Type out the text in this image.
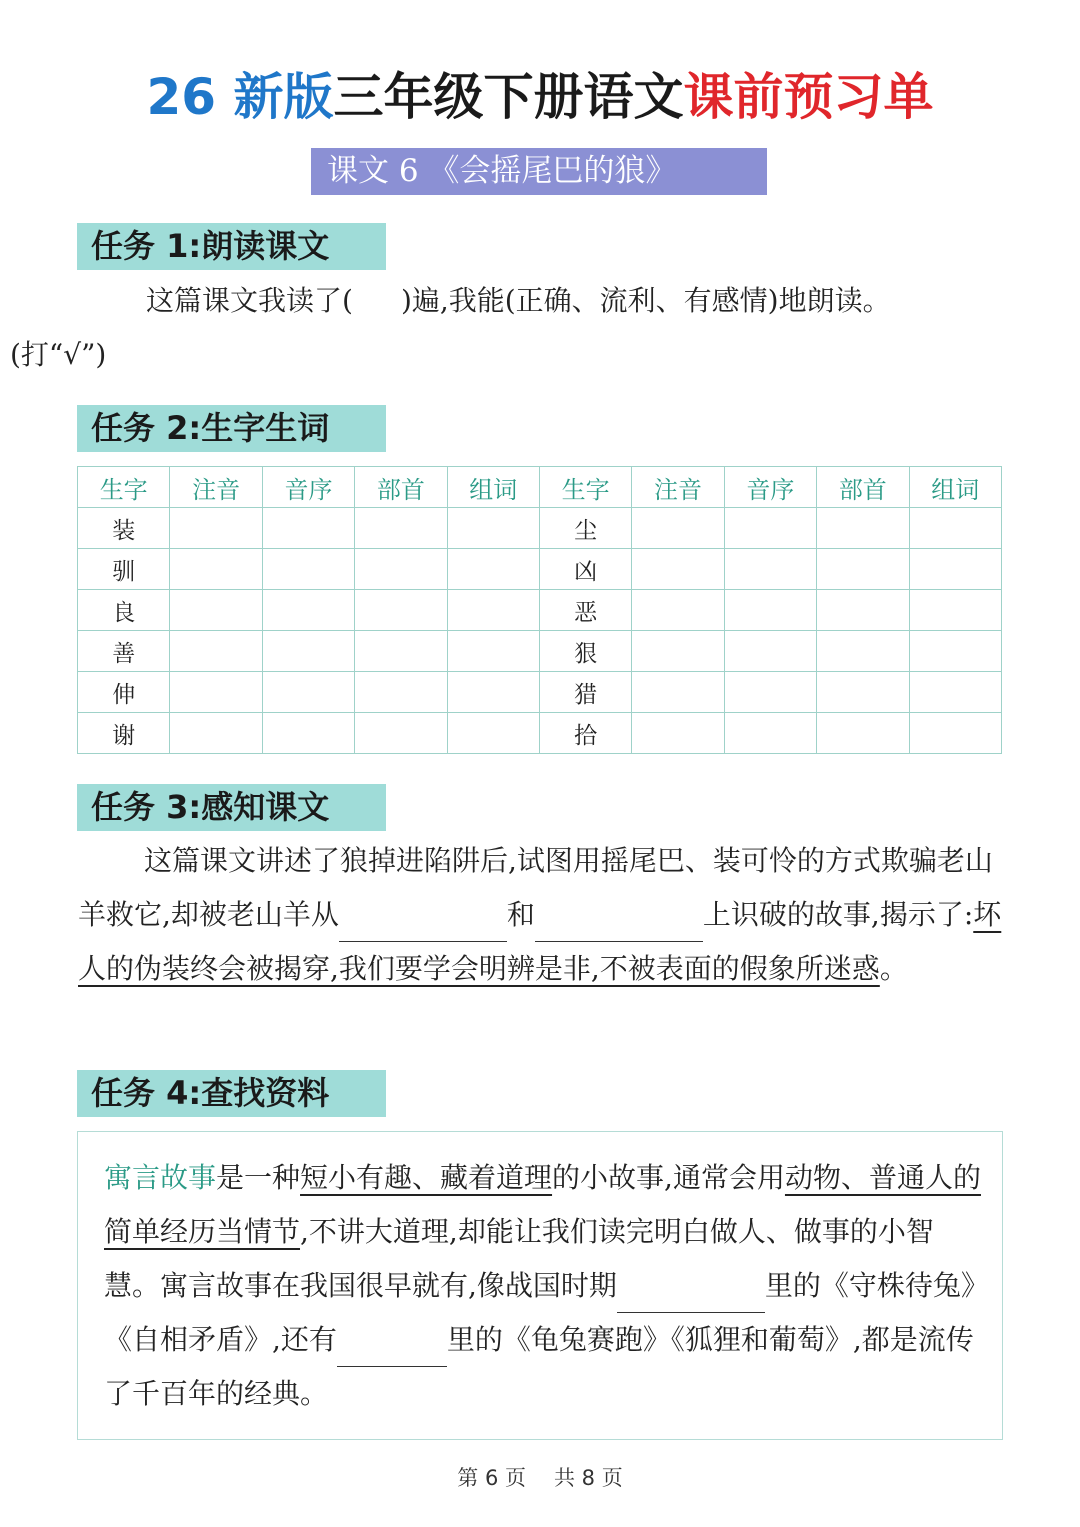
26 新版三年级下册语文课前预习单
课文 6 《会摇尾巴的狼》
任务 1:朗读课文
这篇课文我读了( )遍,我能(正确、流利、有感情)地朗读。
(打“√”)
任务 2:生字生词
生字	注音	音序	部首	组词	生字	注音	音序	部首	组词
装					尘				
驯					凶				
良					恶				
善					狠				
伸					猎				
谢					拾				
任务 3:感知课文
这篇课文讲述了狼掉进陷阱后,试图用摇尾巴、装可怜的方式欺骗老山羊救它,却被老山羊从	和	上识破的故事,揭示了:坏人的伪装终会被揭穿,我们要学会明辨是非,不被表面的假象所迷惑。
任务 4:查找资料
寓言故事是一种短小有趣、藏着道理的小故事,通常会用动物、普通人的简单经历当情节,不讲大道理,却能让我们读完明白做人、做事的小智慧。寓言故事在我国很早就有,像战国时期	里的《守株待兔》《自相矛盾》,还有	里的《龟兔赛跑》《狐狸和葡萄》,都是流传了千百年的经典。
第 6 页 共 8 页
